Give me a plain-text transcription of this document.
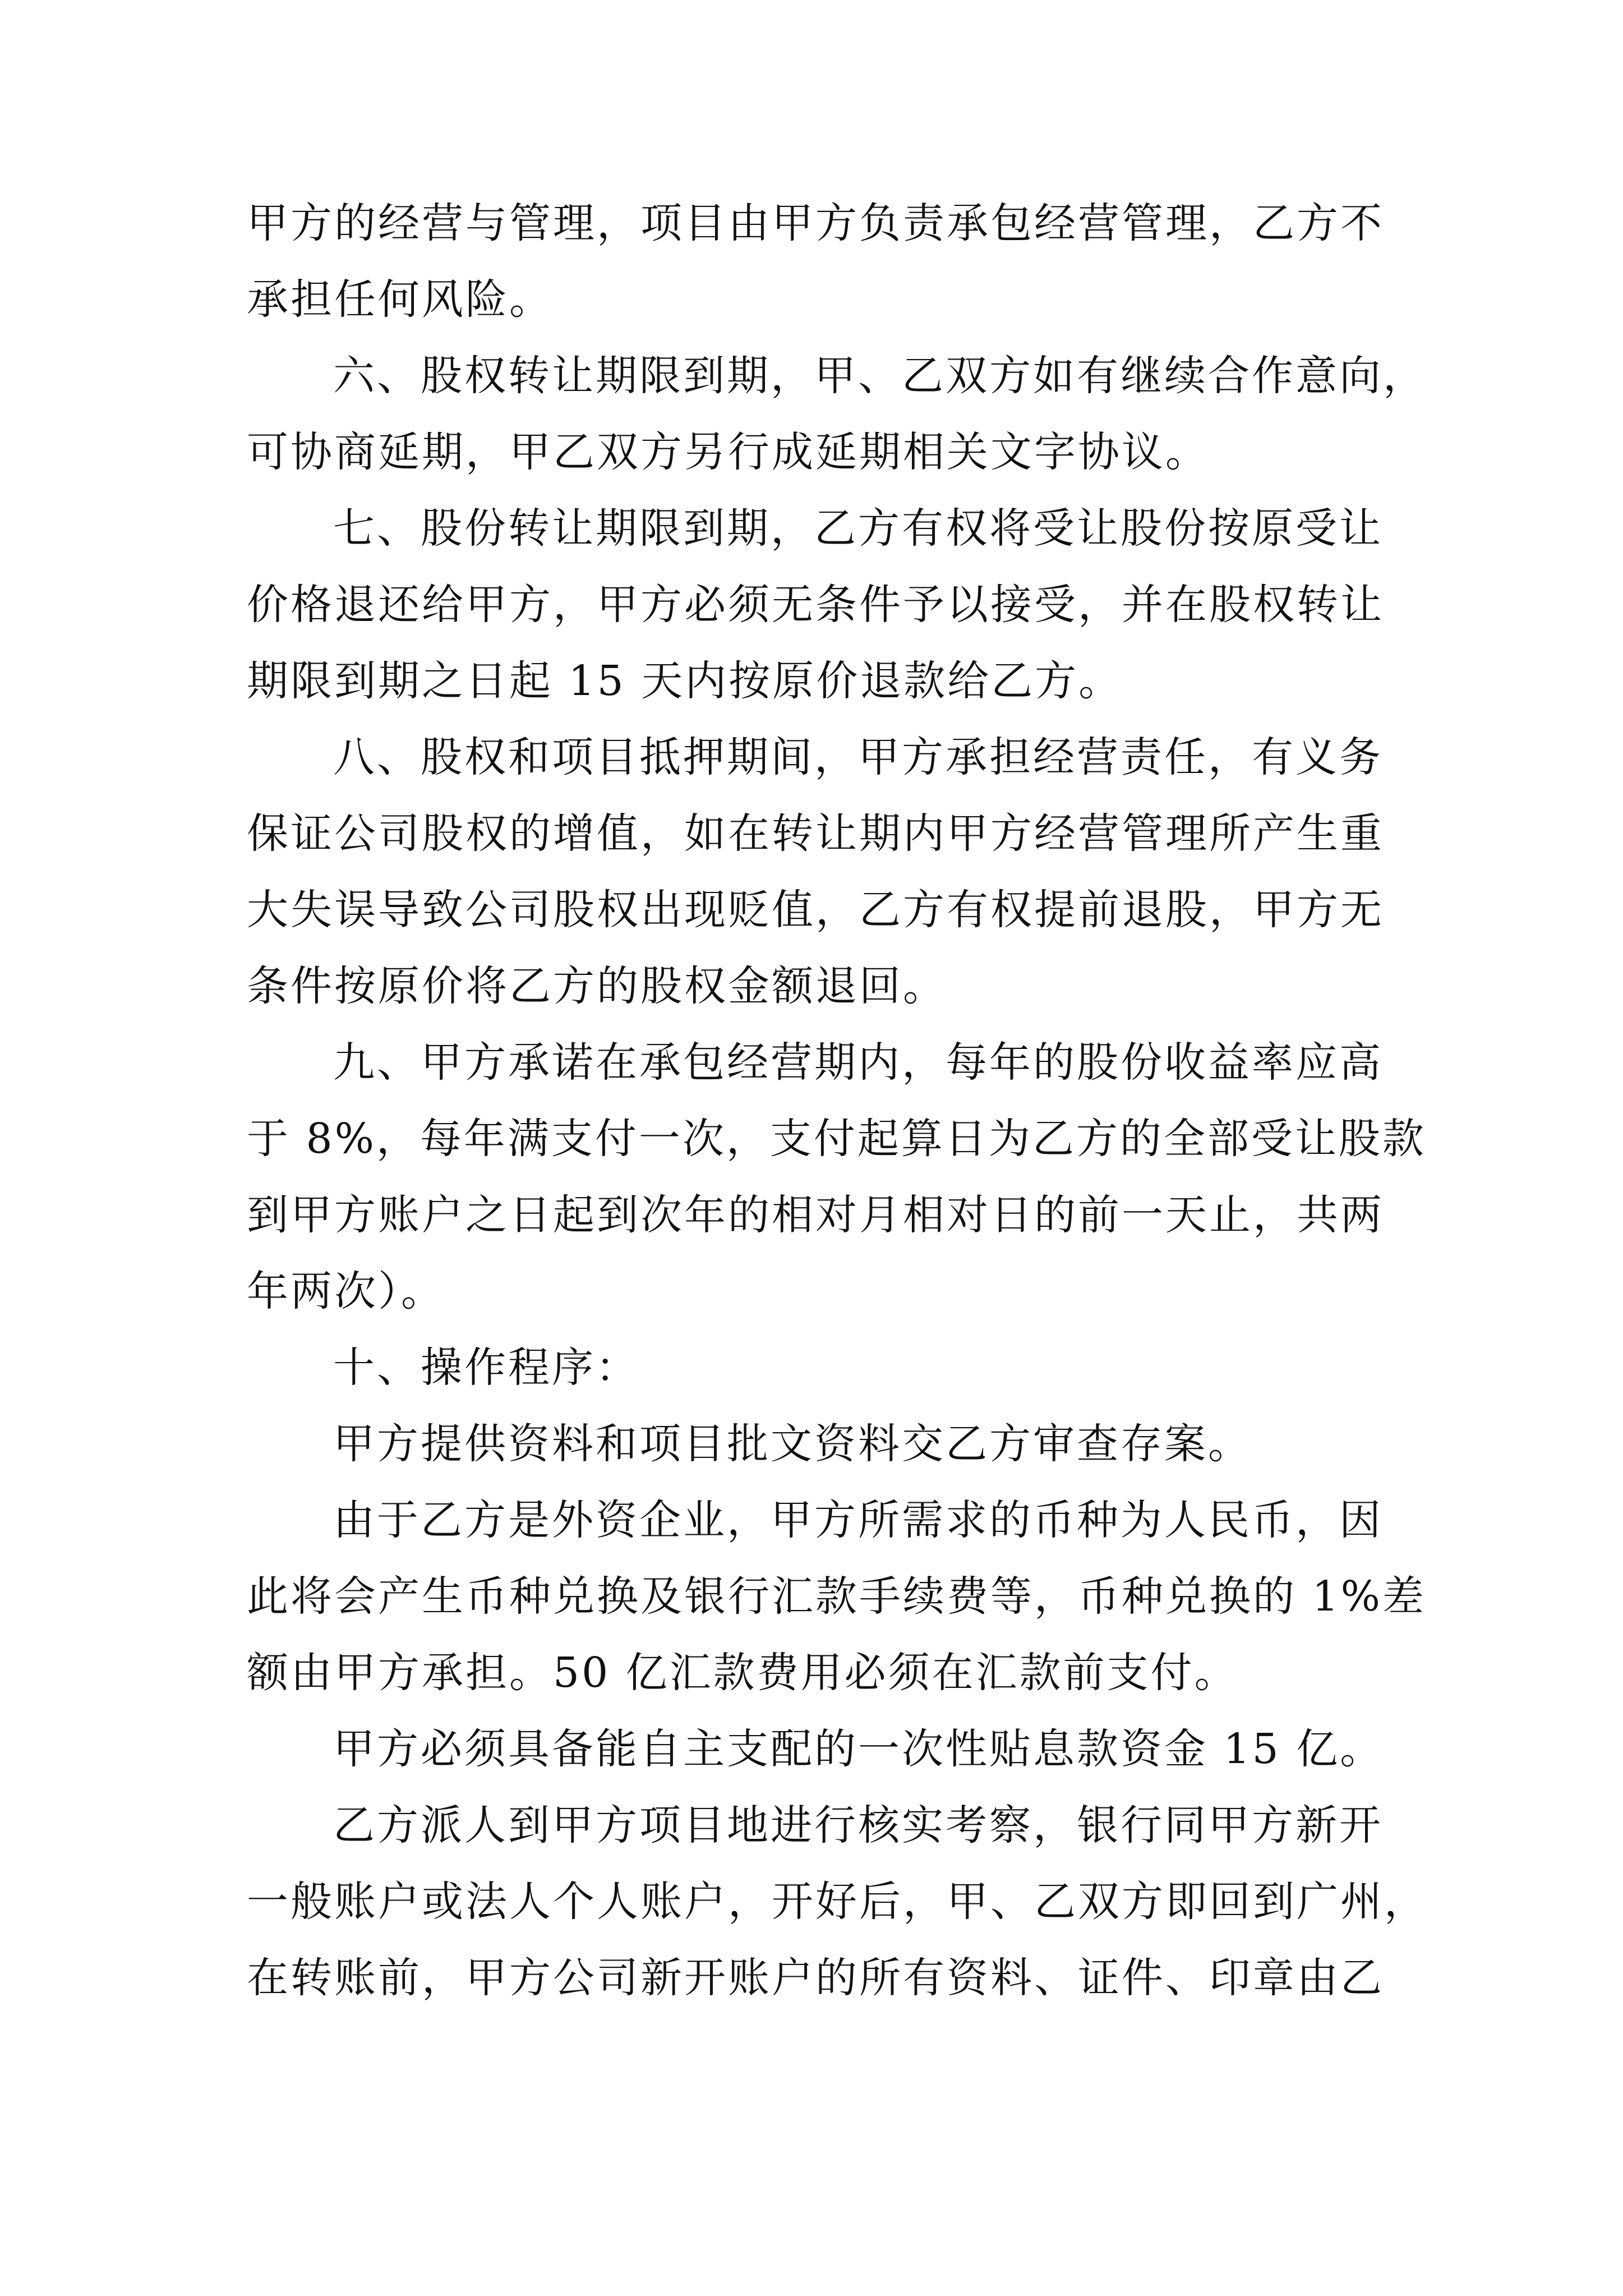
甲方的经营与管理，项目由甲方负责承包经营管理，乙方不
承担任何风险。
六、股权转让期限到期，甲、乙双方如有继续合作意向，
可协商延期，甲乙双方另行成延期相关文字协议。
七、股份转让期限到期，乙方有权将受让股份按原受让
价格退还给甲方，甲方必须无条件予以接受，并在股权转让
期限到期之日起 15 天内按原价退款给乙方。
八、股权和项目抵押期间，甲方承担经营责任，有义务
保证公司股权的增值，如在转让期内甲方经营管理所产生重
大失误导致公司股权出现贬值，乙方有权提前退股，甲方无
条件按原价将乙方的股权金额退回。
九、甲方承诺在承包经营期内，每年的股份收益率应高
于 8%，每年满支付一次，支付起算日为乙方的全部受让股款
到甲方账户之日起到次年的相对月相对日的前一天止，共两
年两次）。
十、操作程序：
甲方提供资料和项目批文资料交乙方审查存案。
由于乙方是外资企业，甲方所需求的币种为人民币，因
此将会产生币种兑换及银行汇款手续费等，币种兑换的 1%差
额由甲方承担。50 亿汇款费用必须在汇款前支付。
甲方必须具备能自主支配的一次性贴息款资金 15 亿。
乙方派人到甲方项目地进行核实考察，银行同甲方新开
一般账户或法人个人账户，开好后，甲、乙双方即回到广州，
在转账前，甲方公司新开账户的所有资料、证件、印章由乙
